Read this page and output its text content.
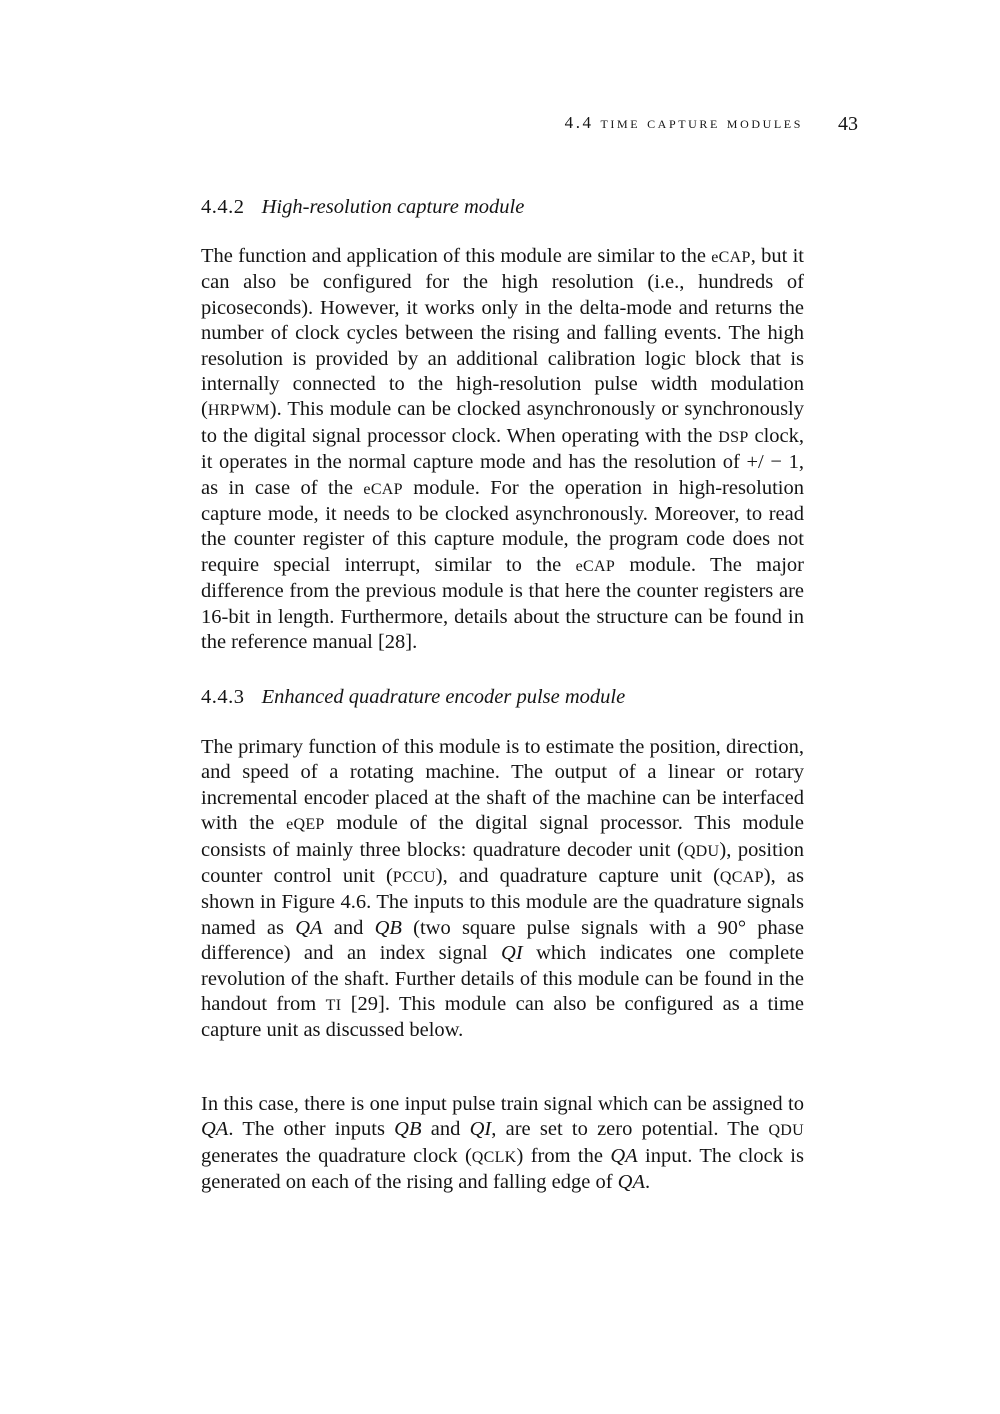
4.4 time capture modules 43
4.4.2 High-resolution capture module

The function and application of this module are similar to the eCAP, but it can also be configured for the high resolution (i.e., hundreds of picoseconds). However, it works only in the delta-mode and returns the number of clock cycles between the rising and falling events. The high resolution is provided by an additional calibration logic block that is internally connected to the high-resolution pulse width modulation (HRPWM). This module can be clocked asynchronously or synchronously to the digital signal processor clock. When operating with the DSP clock, it operates in the normal capture mode and has the resolution of +/ − 1, as in case of the eCAP module. For the operation in high-resolution capture mode, it needs to be clocked asynchronously. Moreover, to read the counter register of this capture module, the program code does not require special interrupt, similar to the eCAP module. The major difference from the previous module is that here the counter registers are 16-bit in length. Furthermore, details about the structure can be found in the reference manual [28].

4.4.3 Enhanced quadrature encoder pulse module

The primary function of this module is to estimate the position, direction, and speed of a rotating machine. The output of a linear or rotary incremental encoder placed at the shaft of the machine can be interfaced with the eQEP module of the digital signal processor. This module consists of mainly three blocks: quadrature decoder unit (QDU), position counter control unit (PCCU), and quadrature capture unit (QCAP), as shown in Figure 4.6. The inputs to this module are the quadrature signals named as QA and QB (two square pulse signals with a 90° phase difference) and an index signal QI which indicates one complete revolution of the shaft. Further details of this module can be found in the handout from TI [29]. This module can also be configured as a time capture unit as discussed below.

In this case, there is one input pulse train signal which can be assigned to QA. The other inputs QB and QI, are set to zero potential. The QDU generates the quadrature clock (QCLK) from the QA input. The clock is generated on each of the rising and falling edge of QA.
